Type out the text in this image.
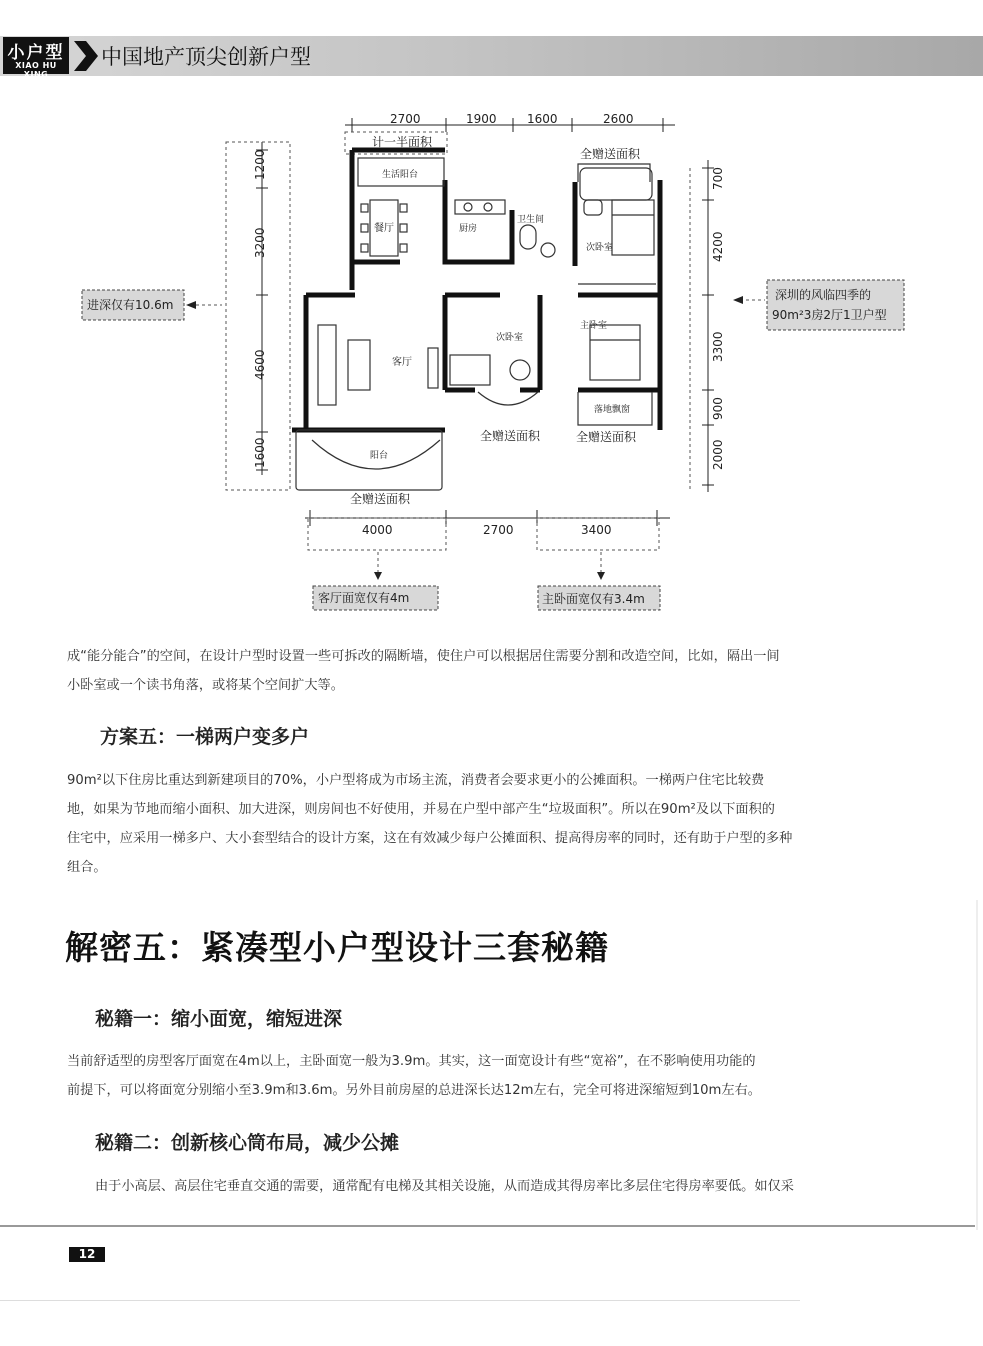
小户型
XIAO HU XING
中国地产顶尖创新户型
2700	1900	1600	2600
1200
3200
4600
1600
700
4200
3300
900
2000
4000	2700	3400
计一半面积
全赠送面积
全赠送面积	全赠送面积
全赠送面积
生活阳台
餐厅	厨房
卫生间
次卧室
客厅
次卧室
主卧室
落地飘窗
阳台
进深仅有10.6m
深圳的风临四季的
90m²3房2厅1卫户型
客厅面宽仅有4m	主卧面宽仅有3.4m

成“能分能合”的空间，在设计户型时设置一些可拆改的隔断墙，使住户可以根据居住需要分割和改造空间，比如，隔出一间

小卧室或一个读书角落，或将某个空间扩大等。

方案五：一梯两户变多户

90m²以下住房比重达到新建项目的70%，小户型将成为市场主流，消费者会要求更小的公摊面积。一梯两户住宅比较费

地，如果为节地而缩小面积、加大进深，则房间也不好使用，并易在户型中部产生“垃圾面积”。所以在90m²及以下面积的

住宅中，应采用一梯多户、大小套型结合的设计方案，这在有效减少每户公摊面积、提高得房率的同时，还有助于户型的多种

组合。

解密五：紧凑型小户型设计三套秘籍
秘籍一：缩小面宽，缩短进深

当前舒适型的房型客厅面宽在4m以上，主卧面宽一般为3.9m。其实，这一面宽设计有些“宽裕”，在不影响使用功能的

前提下，可以将面宽分别缩小至3.9m和3.6m。另外目前房屋的总进深长达12m左右，完全可将进深缩短到10m左右。

秘籍二：创新核心筒布局，减少公摊

由于小高层、高层住宅垂直交通的需要，通常配有电梯及其相关设施，从而造成其得房率比多层住宅得房率要低。如仅采

12
